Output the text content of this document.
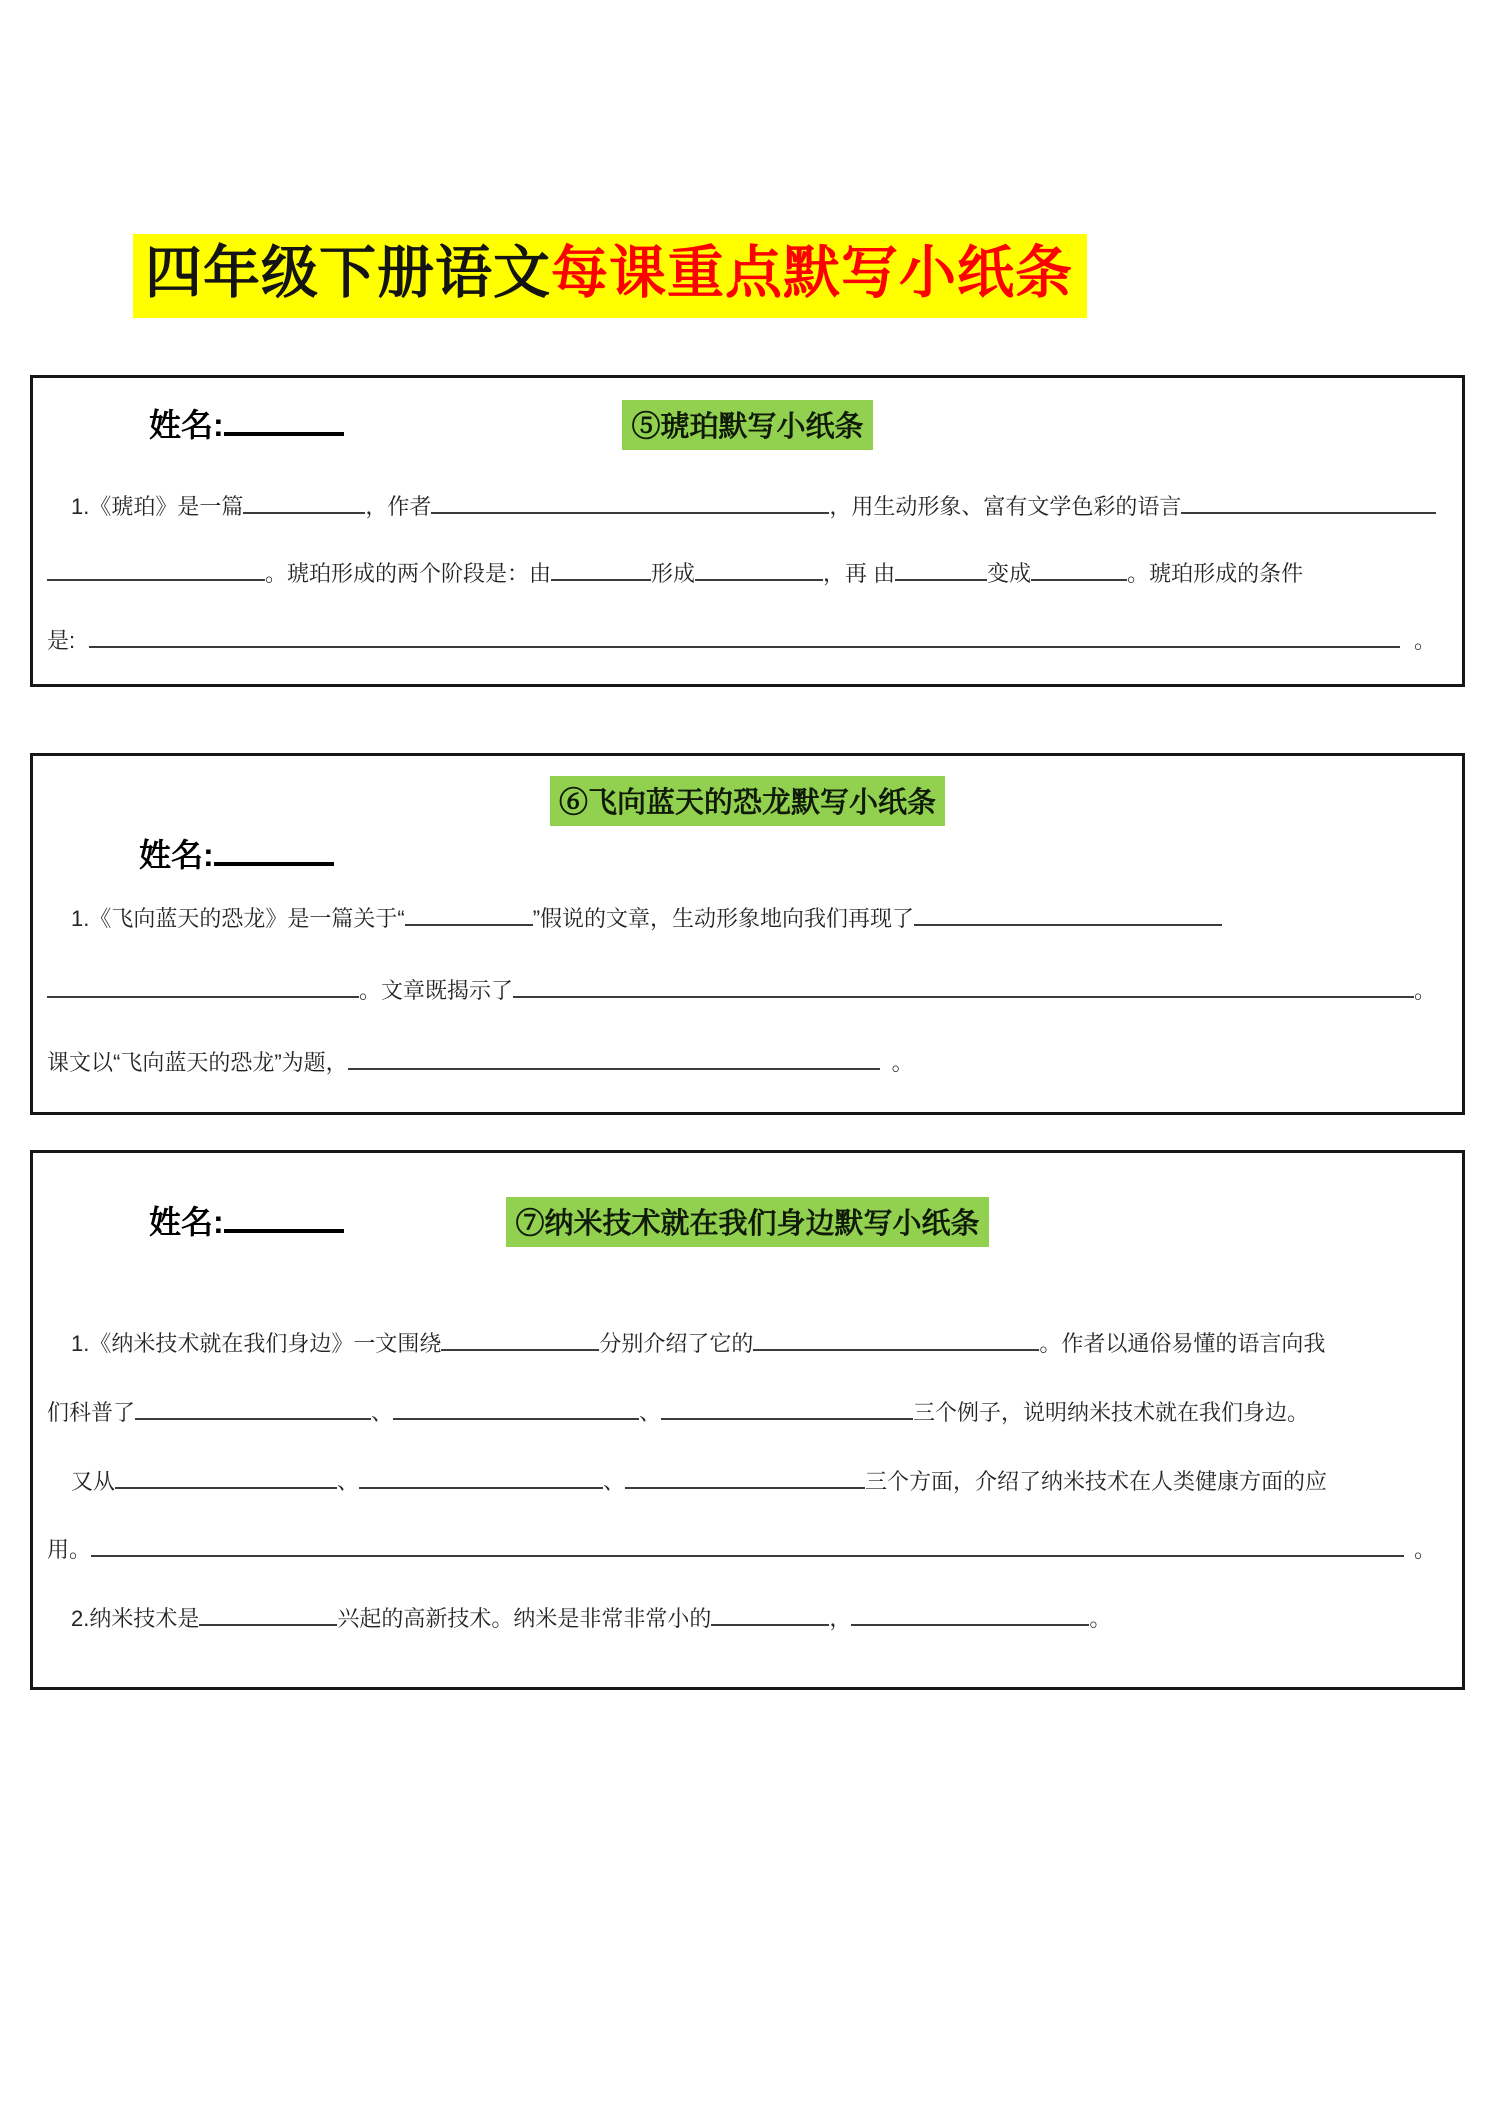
四年级下册语文每课重点默写小纸条
姓名:	⑤琥珀默写小纸条
1.《琥珀》是一篇	，作者	，用生动形象、富有文学色彩的语言
。琥珀形成的两个阶段是：由	形成	，再 由	变成	。琥珀形成的条件
是:	。
⑥飞向蓝天的恐龙默写小纸条
姓名:
1.《飞向蓝天的恐龙》是一篇关于“	”假说的文章，生动形象地向我们再现了
。文章既揭示了	。
课文以“飞向蓝天的恐龙”为题，	。
姓名:	⑦纳米技术就在我们身边默写小纸条
1.《纳米技术就在我们身边》一文围绕	分别介绍了它的	。作者以通俗易懂的语言向我
们科普了	、	、	三个例子，说明纳米技术就在我们身边。
又从	、	、	三个方面，介绍了纳米技术在人类健康方面的应
用。	。
2.纳米技术是	兴起的高新技术。纳米是非常非常小的	，	。
